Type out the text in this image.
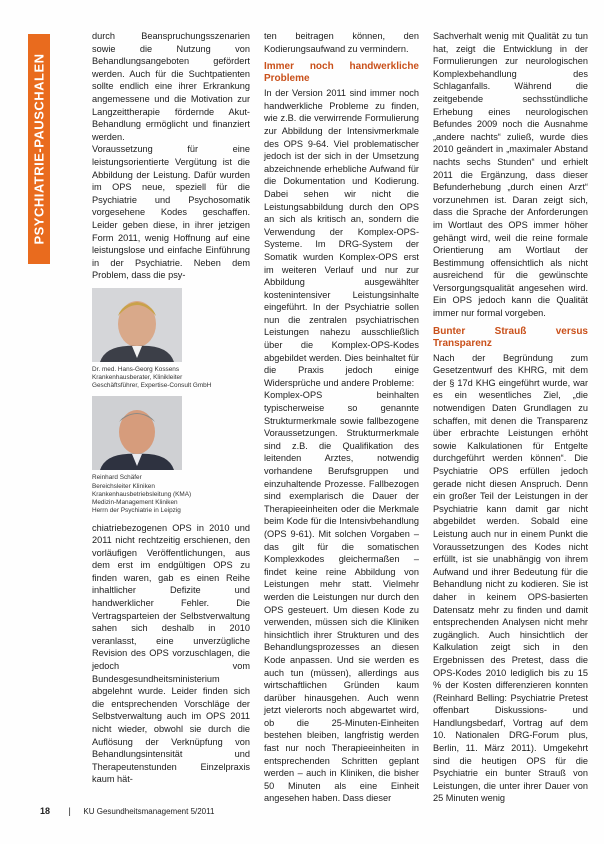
PSYCHIATRIE-PAUSCHALEN

durch Beanspruchungsszenarien sowie die Nutzung von Behandlungsangeboten gefördert werden. Auch für die Suchtpatienten sollte endlich eine ihrer Erkrankung angemessene und die Motivation zur Langzeittherapie fördernde Akut-Behandlung ermöglicht und finanziert werden.

Voraussetzung für eine leistungsorientierte Vergütung ist die Abbildung der Leistung. Dafür wurden im OPS neue, speziell für die Psychiatrie und Psychosomatik vorgesehene Kodes geschaffen. Leider geben diese, in ihrer jetzigen Form 2011, wenig Hoffnung auf eine leistungslose und einfache Einführung in der Psychiatrie. Neben dem Problem, dass die psy-

Dr. med. Hans-Georg Kossens
Krankenhausberater, Klinikleiter
Geschäftsführer, Expertise-Consult GmbH
Reinhard Schäfer
Bereichsleiter Kliniken
Krankenhausbetriebsleitung (KMA)
Medizin-Management Kliniken
Herrn der Psychiatrie in Leipzig

chiatriebezogenen OPS in 2010 und 2011 nicht rechtzeitig erschienen, den vorläufigen Veröffentlichungen, aus dem erst im endgültigen OPS zu finden waren, gab es einen Reihe inhaltlicher Defizite und handwerklicher Fehler. Die Vertragsparteien der Selbstverwaltung sahen sich deshalb in 2010 veranlasst, eine unverzügliche Revision des OPS vorzuschlagen, die jedoch vom Bundesgesundheitsministerium abgelehnt wurde. Leider finden sich die entsprechenden Vorschläge der Selbstverwaltung auch im OPS 2011 nicht wieder, obwohl sie durch die Auflösung der Verknüpfung von Behandlungsintensität und Therapeutenstunden Einzelpraxis kaum hät-

ten beitragen können, den Kodierungsaufwand zu vermindern.

Immer noch handwerkliche Probleme

In der Version 2011 sind immer noch handwerkliche Probleme zu finden, wie z.B. die verwirrende Formulierung zur Abbildung der Intensivmerkmale des OPS 9-64. Viel problematischer jedoch ist der sich in der Umsetzung abzeichnende erhebliche Aufwand für die Dokumentation und Kodierung. Dabei sehen wir nicht die Leistungsabbildung durch den OPS an sich als kritisch an, sondern die Verwendung der Komplex-OPS-Systeme. Im DRG-System der Somatik wurden Komplex-OPS erst im weiteren Verlauf und nur zur Abbildung ausgewählter kostenintensiver Leistungsinhalte eingeführt. In der Psychiatrie sollen nun die zentralen psychiatrischen Leistungen nahezu ausschließlich über die Komplex-OPS-Kodes abgebildet werden. Dies beinhaltet für die Praxis jedoch einige Widersprüche und andere Probleme:

Komplex-OPS beinhalten typischerweise so genannte Strukturmerkmale sowie fallbezogene Voraussetzungen. Strukturmerkmale sind z.B. die Qualifikation des leitenden Arztes, notwendig vorhandene Berufsgruppen und einzuhaltende Prozesse. Fallbezogen sind exemplarisch die Dauer der Therapieeinheiten oder die Merkmale beim Kode für die Intensivbehandlung (OPS 9-61). Mit solchen Vorgaben – das gilt für die somatischen Komplexkodes gleichermaßen – findet keine reine Abbildung von Leistungen mehr statt. Vielmehr werden die Leistungen nur durch den OPS gesteuert. Um diesen Kode zu verwenden, müssen sich die Kliniken hinsichtlich ihrer Strukturen und des Behandlungsprozesses an diesen Kode anpassen. Und sie werden es auch tun (müssen), allerdings aus wirtschaftlichen Gründen kaum darüber hinausgehen. Auch wenn jetzt vielerorts noch abgewartet wird, ob die 25-Minuten-Einheiten bestehen bleiben, langfristig werden fast nur noch Therapieeinheiten in entsprechenden Schritten geplant werden – auch in Kliniken, die bisher 50 Minuten als eine Einheit angesehen haben. Dass dieser

Sachverhalt wenig mit Qualität zu tun hat, zeigt die Entwicklung in der Formulierungen zur neurologischen Komplexbehandlung des Schlaganfalls. Während die zeitgebende sechsstündliche Erhebung eines neurologischen Befundes 2009 noch die Ausnahme „andere nachts“ zuließ, wurde dies 2010 geändert in „maximaler Abstand nachts sechs Stunden“ und erhielt 2011 die Ergänzung, dass dieser Befunderhebung „durch einen Arzt“ vorzunehmen ist. Daran zeigt sich, dass die Sprache der Anforderungen im Wortlaut des OPS immer höher gehängt wird, weil die reine formale Orientierung am Wortlaut der Bestimmung offensichtlich als nicht ausreichend für die gewünschte Versorgungsqualität angesehen wird. Ein OPS jedoch kann die Qualität immer nur formal vorgeben.

Bunter Strauß versus Transparenz

Nach der Begründung zum Gesetzentwurf des KHRG, mit dem der § 17d KHG eingeführt wurde, war es ein wesentliches Ziel, „die notwendigen Daten Grundlagen zu schaffen, mit denen die Transparenz über erbrachte Leistungen erhöht sowie Kalkulationen für Entgelte durchgeführt werden können“. Die Psychiatrie OPS erfüllen jedoch gerade nicht diesen Anspruch. Denn ein großer Teil der Leistungen in der Psychiatrie kann damit gar nicht abgebildet werden. Sobald eine Leistung auch nur in einem Punkt die Voraussetzungen des Kodes nicht erfüllt, ist sie unabhängig von ihrem Aufwand und ihrer Bedeutung für die Behandlung nicht zu kodieren. Sie ist daher in keinem OPS-basierten Datensatz mehr zu finden und damit entsprechenden Analysen nicht mehr zugänglich. Auch hinsichtlich der Kalkulation zeigt sich in den Ergebnissen des Pretest, dass die OPS-Kodes 2010 lediglich bis zu 15 % der Kosten differenzieren konnten (Reinhard Belling: Psychiatrie Pretest offenbart Diskussions- und Handlungsbedarf, Vortrag auf dem 10. Nationalen DRG-Forum plus, Berlin, 11. März 2011). Umgekehrt sind die heutigen OPS für die Psychiatrie ein bunter Strauß von Leistungen, die unter ihrer Dauer von 25 Minuten wenig

18 | KU Gesundheitsmanagement 5/2011
